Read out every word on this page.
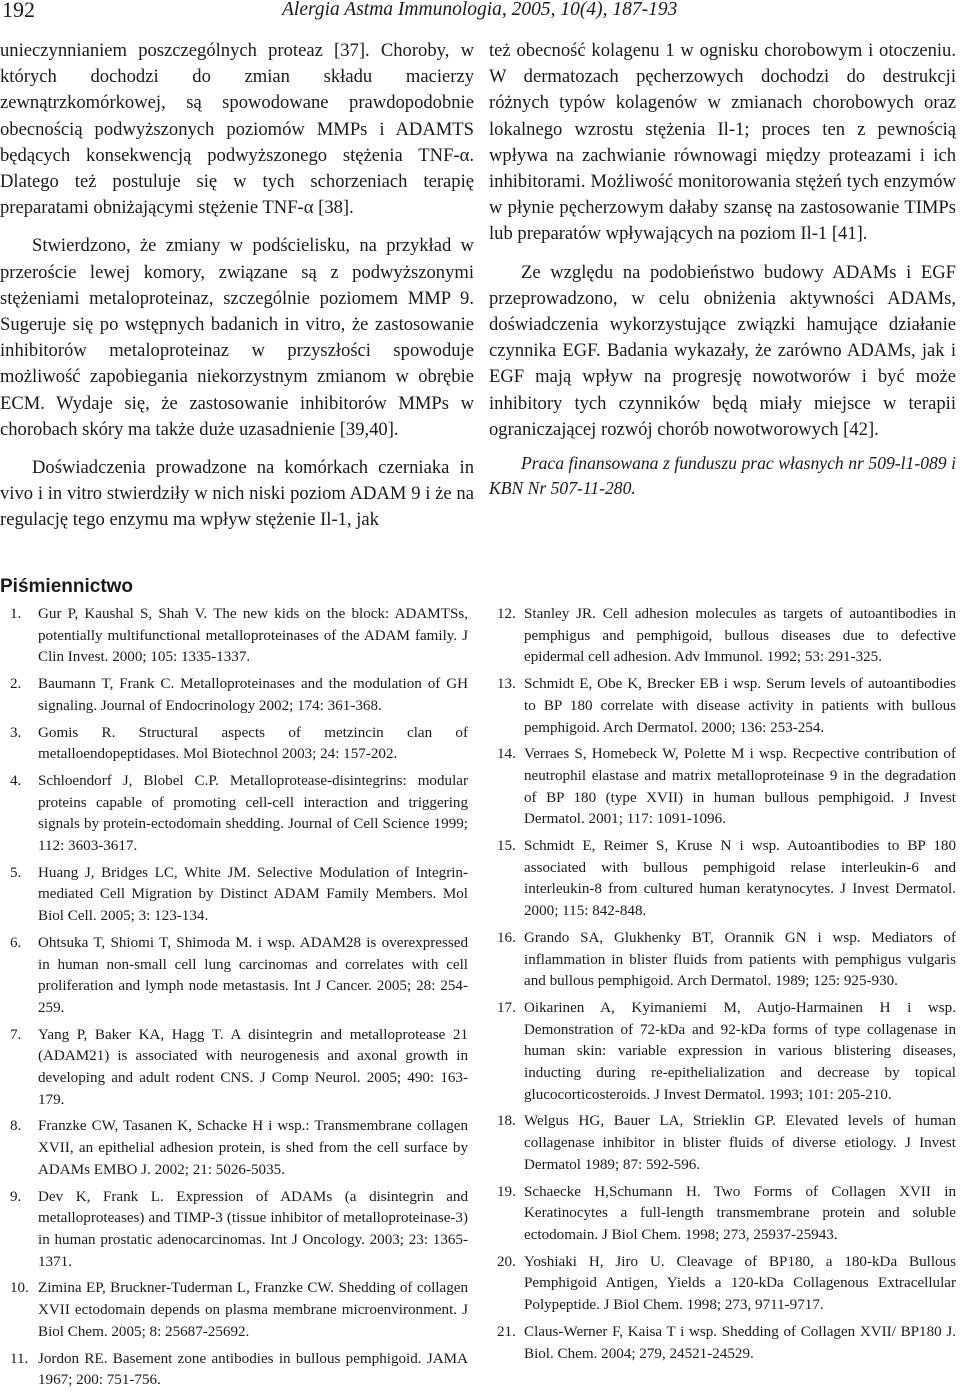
192	Alergia Astma Immunologia, 2005, 10(4), 187-193

unieczynnianiem poszczególnych proteaz [37]. Choroby, w których dochodzi do zmian składu macierzy zewnątrzkomórkowej, są spowodowane prawdopodobnie obecnością podwyższonych poziomów MMPs i ADAMTS będących konsekwencją podwyższonego stężenia TNF-α. Dlatego też postuluje się w tych schorzeniach terapię preparatami obniżającymi stężenie TNF-α [38].

Stwierdzono, że zmiany w podścielisku, na przykład w przeroście lewej komory, związane są z podwyższonymi stężeniami metaloproteinaz, szczególnie poziomem MMP 9. Sugeruje się po wstępnych badanich in vitro, że zastosowanie inhibitorów metaloproteinaz w przyszłości spowoduje możliwość zapobiegania niekorzystnym zmianom w obrębie ECM. Wydaje się, że zastosowanie inhibitorów MMPs w chorobach skóry ma także duże uzasadnienie [39,40].

Doświadczenia prowadzone na komórkach czerniaka in vivo i in vitro stwierdziły w nich niski poziom ADAM 9 i że na regulację tego enzymu ma wpływ stężenie Il-1, jak

też obecność kolagenu 1 w ognisku chorobowym i otoczeniu. W dermatozach pęcherzowych dochodzi do destrukcji różnych typów kolagenów w zmianach chorobowych oraz lokalnego wzrostu stężenia Il-1; proces ten z pewnością wpływa na zachwianie równowagi między proteazami i ich inhibitorami. Możliwość monitorowania stężeń tych enzymów w płynie pęcherzowym dałaby szansę na zastosowanie TIMPs lub preparatów wpływających na poziom Il-1 [41].

Ze względu na podobieństwo budowy ADAMs i EGF przeprowadzono, w celu obniżenia aktywności ADAMs, doświadczenia wykorzystujące związki hamujące działanie czynnika EGF. Badania wykazały, że zarówno ADAMs, jak i EGF mają wpływ na progresję nowotworów i być może inhibitory tych czynników będą miały miejsce w terapii ograniczającej rozwój chorób nowotworowych [42].

Praca finansowana z funduszu prac własnych nr 509-l1-089 i KBN Nr 507-11-280.

Piśmiennictwo
1. Gur P, Kaushal S, Shah V. The new kids on the block: ADAMTSs, potentially multifunctional metalloproteinases of the ADAM family. J Clin Invest. 2000; 105: 1335-1337.
2. Baumann T, Frank C. Metalloproteinases and the modulation of GH signaling. Journal of Endocrinology 2002; 174: 361-368.
3. Gomis R. Structural aspects of metzincin clan of metalloendopeptidases. Mol Biotechnol 2003; 24: 157-202.
4. Schloendorf J, Blobel C.P. Metalloprotease-disintegrins: modular proteins capable of promoting cell-cell interaction and triggering signals by protein-ectodomain shedding. Journal of Cell Science 1999; 112: 3603-3617.
5. Huang J, Bridges LC, White JM. Selective Modulation of Integrin-mediated Cell Migration by Distinct ADAM Family Members. Mol Biol Cell. 2005; 3: 123-134.
6. Ohtsuka T, Shiomi T, Shimoda M. i wsp. ADAM28 is overexpressed in human non-small cell lung carcinomas and correlates with cell proliferation and lymph node metastasis. Int J Cancer. 2005; 28: 254-259.
7. Yang P, Baker KA, Hagg T. A disintegrin and metalloprotease 21 (ADAM21) is associated with neurogenesis and axonal growth in developing and adult rodent CNS. J Comp Neurol. 2005; 490: 163-179.
8. Franzke CW, Tasanen K, Schacke H i wsp.: Transmembrane collagen XVII, an epithelial adhesion protein, is shed from the cell surface by ADAMs EMBO J. 2002; 21: 5026-5035.
9. Dev K, Frank L. Expression of ADAMs (a disintegrin and metalloproteases) and TIMP-3 (tissue inhibitor of metalloproteinase-3) in human prostatic adenocarcinomas. Int J Oncology. 2003; 23: 1365-1371.
10. Zimina EP, Bruckner-Tuderman L, Franzke CW. Shedding of collagen XVII ectodomain depends on plasma membrane microenvironment. J Biol Chem. 2005; 8: 25687-25692.
11. Jordon RE. Basement zone antibodies in bullous pemphigoid. JAMA 1967; 200: 751-756.
12. Stanley JR. Cell adhesion molecules as targets of autoantibodies in pemphigus and pemphigoid, bullous diseases due to defective epidermal cell adhesion. Adv Immunol. 1992; 53: 291-325.
13. Schmidt E, Obe K, Brecker EB i wsp. Serum levels of autoantibodies to BP 180 correlate with disease activity in patients with bullous pemphigoid. Arch Dermatol. 2000; 136: 253-254.
14. Verraes S, Homebeck W, Polette M i wsp. Recpective contribution of neutrophil elastase and matrix metalloproteinase 9 in the degradation of BP 180 (type XVII) in human bullous pemphigoid. J Invest Dermatol. 2001; 117: 1091-1096.
15. Schmidt E, Reimer S, Kruse N i wsp. Autoantibodies to BP 180 associated with bullous pemphigoid relase interleukin-6 and interleukin-8 from cultured human keratynocytes. J Invest Dermatol. 2000; 115: 842-848.
16. Grando SA, Glukhenky BT, Orannik GN i wsp. Mediators of inflammation in blister fluids from patients with pemphigus vulgaris and bullous pemphigoid. Arch Dermatol. 1989; 125: 925-930.
17. Oikarinen A, Kyimaniemi M, Autjo-Harmainen H i wsp. Demonstration of 72-kDa and 92-kDa forms of type collagenase in human skin: variable expression in various blistering diseases, inducting during re-epithelialization and decrease by topical glucocorticosteroids. J Invest Dermatol. 1993; 101: 205-210.
18. Welgus HG, Bauer LA, Strieklin GP. Elevated levels of human collagenase inhibitor in blister fluids of diverse etiology. J Invest Dermatol 1989; 87: 592-596.
19. Schaecke H,Schumann H. Two Forms of Collagen XVII in Keratinocytes a full-length transmembrane protein and soluble ectodomain. J Biol Chem. 1998; 273, 25937-25943.
20. Yoshiaki H, Jiro U. Cleavage of BP180, a 180-kDa Bullous Pemphigoid Antigen, Yields a 120-kDa Collagenous Extracellular Polypeptide. J Biol Chem. 1998; 273, 9711-9717.
21. Claus-Werner F, Kaisa T i wsp. Shedding of Collagen XVII/ BP180 J. Biol. Chem. 2004; 279, 24521-24529.
